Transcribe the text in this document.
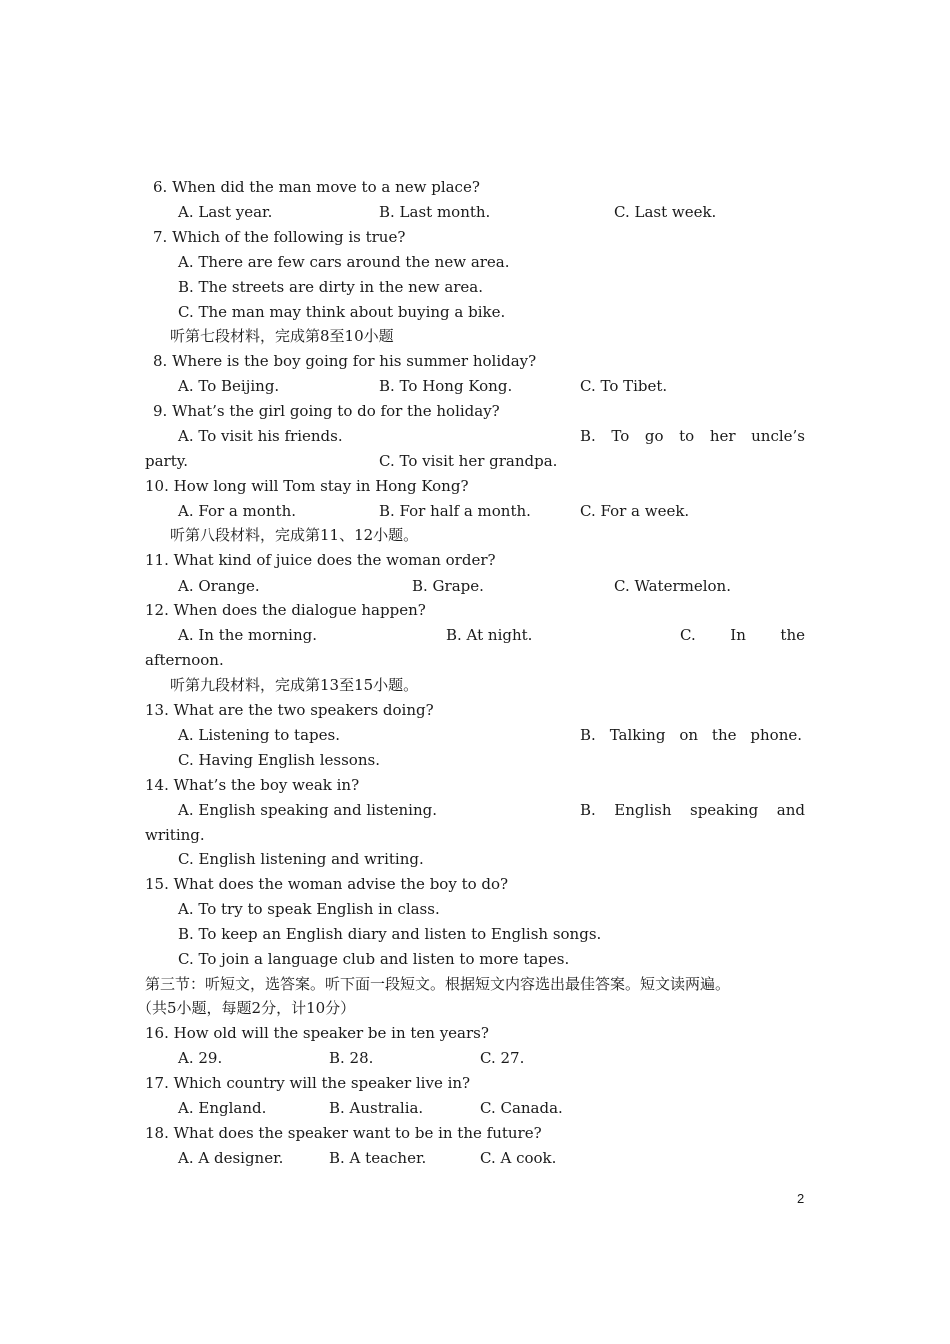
6. When did the man move to a new place?
A. Last year.	B. Last month.	C. Last week.
7. Which of the following is true?
A. There are few cars around the new area.
B. The streets are dirty in the new area.
C. The man may think about buying a bike.
听第七段材料，完成第8至10小题
8. Where is the boy going for his summer holiday?
A. To Beijing.	B. To Hong Kong.	C. To Tibet.
9. What’s the girl going to do for the holiday?
A. To visit his friends.	B. To go to her uncle’s
party.	C. To visit her grandpa.
10. How long will Tom stay in Hong Kong?
A. For a month.	B. For half a month.	C. For a week.
听第八段材料，完成第11、12小题。
11. What kind of juice does the woman order?
A. Orange.	B. Grape.	C. Watermelon.
12. When does the dialogue happen?
A. In the morning.	B. At night.	C.  In  the
afternoon.
听第九段材料，完成第13至15小题。
13. What are the two speakers doing?
A. Listening to tapes.	B. Talking on the phone.
C. Having English lessons.
14. What’s the boy weak in?
A. English speaking and listening.	B. English speaking and
writing.
C. English listening and writing.
15. What does the woman advise the boy to do?
A. To try to speak English in class.
B. To keep an English diary and listen to English songs.
C. To join a language club and listen to more tapes.
第三节：听短文，选答案。听下面一段短文。根据短文内容选出最佳答案。短文读两遍。
（共5小题，每题2分，计10分）
16. How old will the speaker be in ten years?
A. 29.	B. 28.	C. 27.
17. Which country will the speaker live in?
A. England.	B. Australia.	C. Canada.
18. What does the speaker want to be in the future?
A. A designer.	B. A teacher.	C. A cook.
2
